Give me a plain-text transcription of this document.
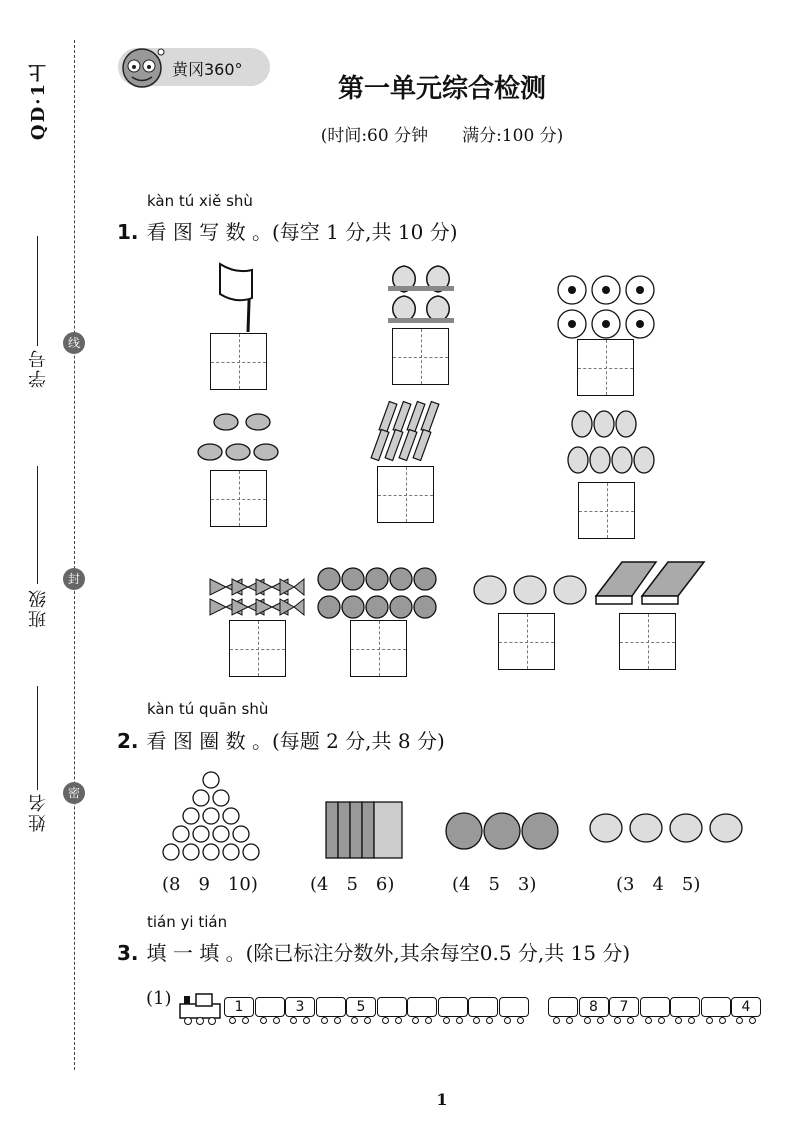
QD·1上
学号
班级
姓名
线
封
密
黄冈360°
第一单元综合检测
(时间:60 分钟　　满分:100 分)
kàn tú xiě shù
1. 看 图 写 数 。(每空 1 分,共 10 分)
kàn tú quān shù
2. 看 图 圈 数 。(每题 2 分,共 8 分)
(8　9　10)	(4　5　6)	(4　5　3)	(3　4　5)
tián yi tián
3. 填 一 填 。(除已标注分数外,其余每空0.5 分,共 15 分)
(1)	1	3	5	8	7	4
1
